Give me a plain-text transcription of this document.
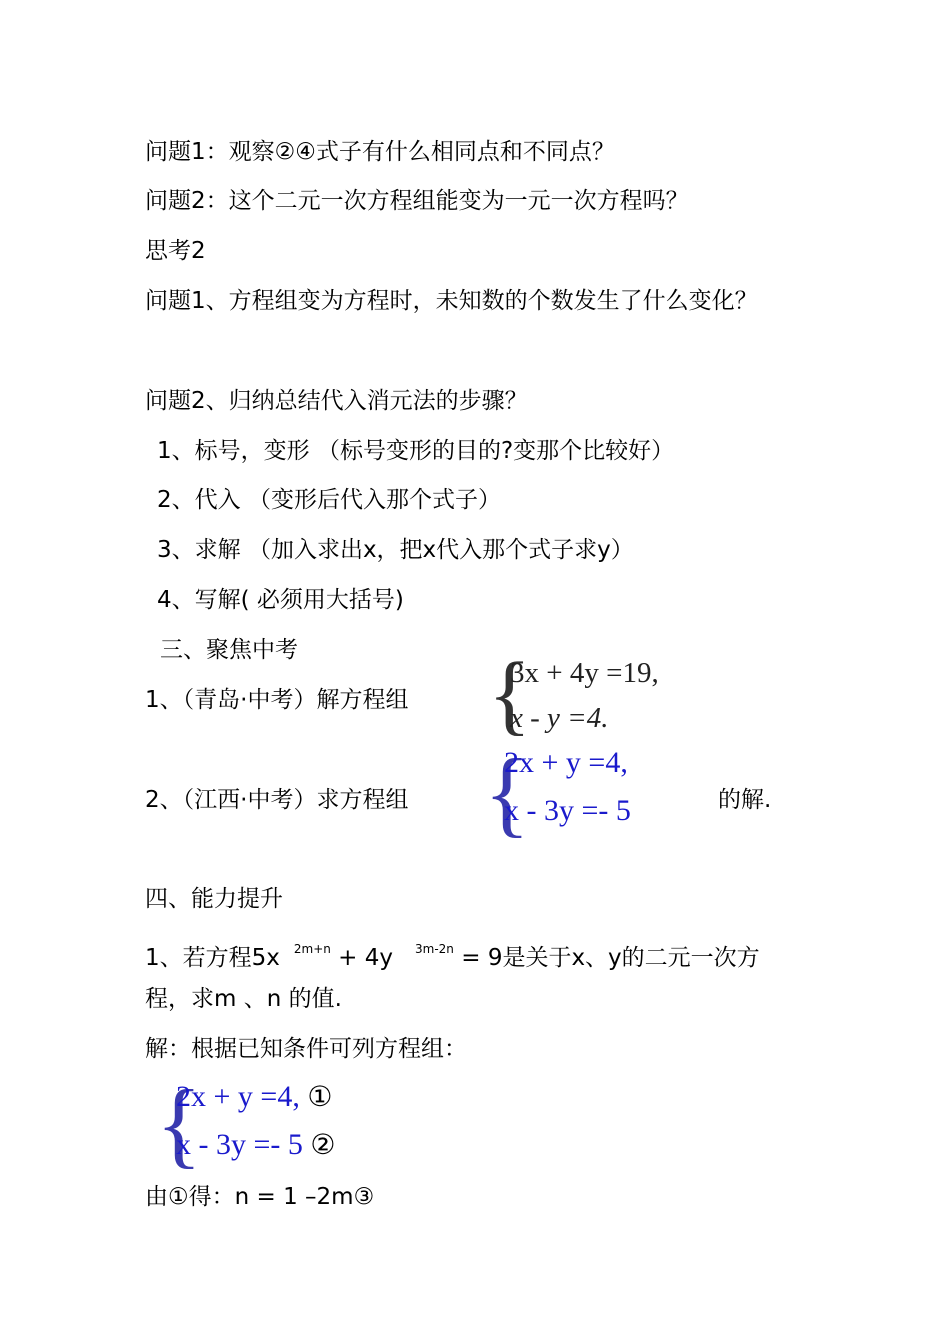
问题1：观察②④式子有什么相同点和不同点？
问题2：这个二元一次方程组能变为一元一次方程吗？
思考2
问题1、方程组变为方程时，未知数的个数发生了什么变化？
问题2、归纳总结代入消元法的步骤？
1、标号，变形 （标号变形的目的?变那个比较好）
2、代入 （变形后代入那个式子）
3、求解 （加入求出x，把x代入那个式子求y）
4、写解( 必须用大括号)
三、聚焦中考
1、（青岛·中考）解方程组 {
3x + 4y =19,
x - y =4.
2、（江西·中考）求方程组 {
2x + y =4,
x - 3y =- 5	的解.
四、能力提升
1、若方程5x $^{2m+n}$ + 4y $^{3m-2n}$ = 9是关于x、y的二元一次方
程，求m 、n 的值.
解：根据已知条件可列方程组：
{
2x + y =4, ①
x - 3y =- 5 ②
由①得：n = 1 –2m③
